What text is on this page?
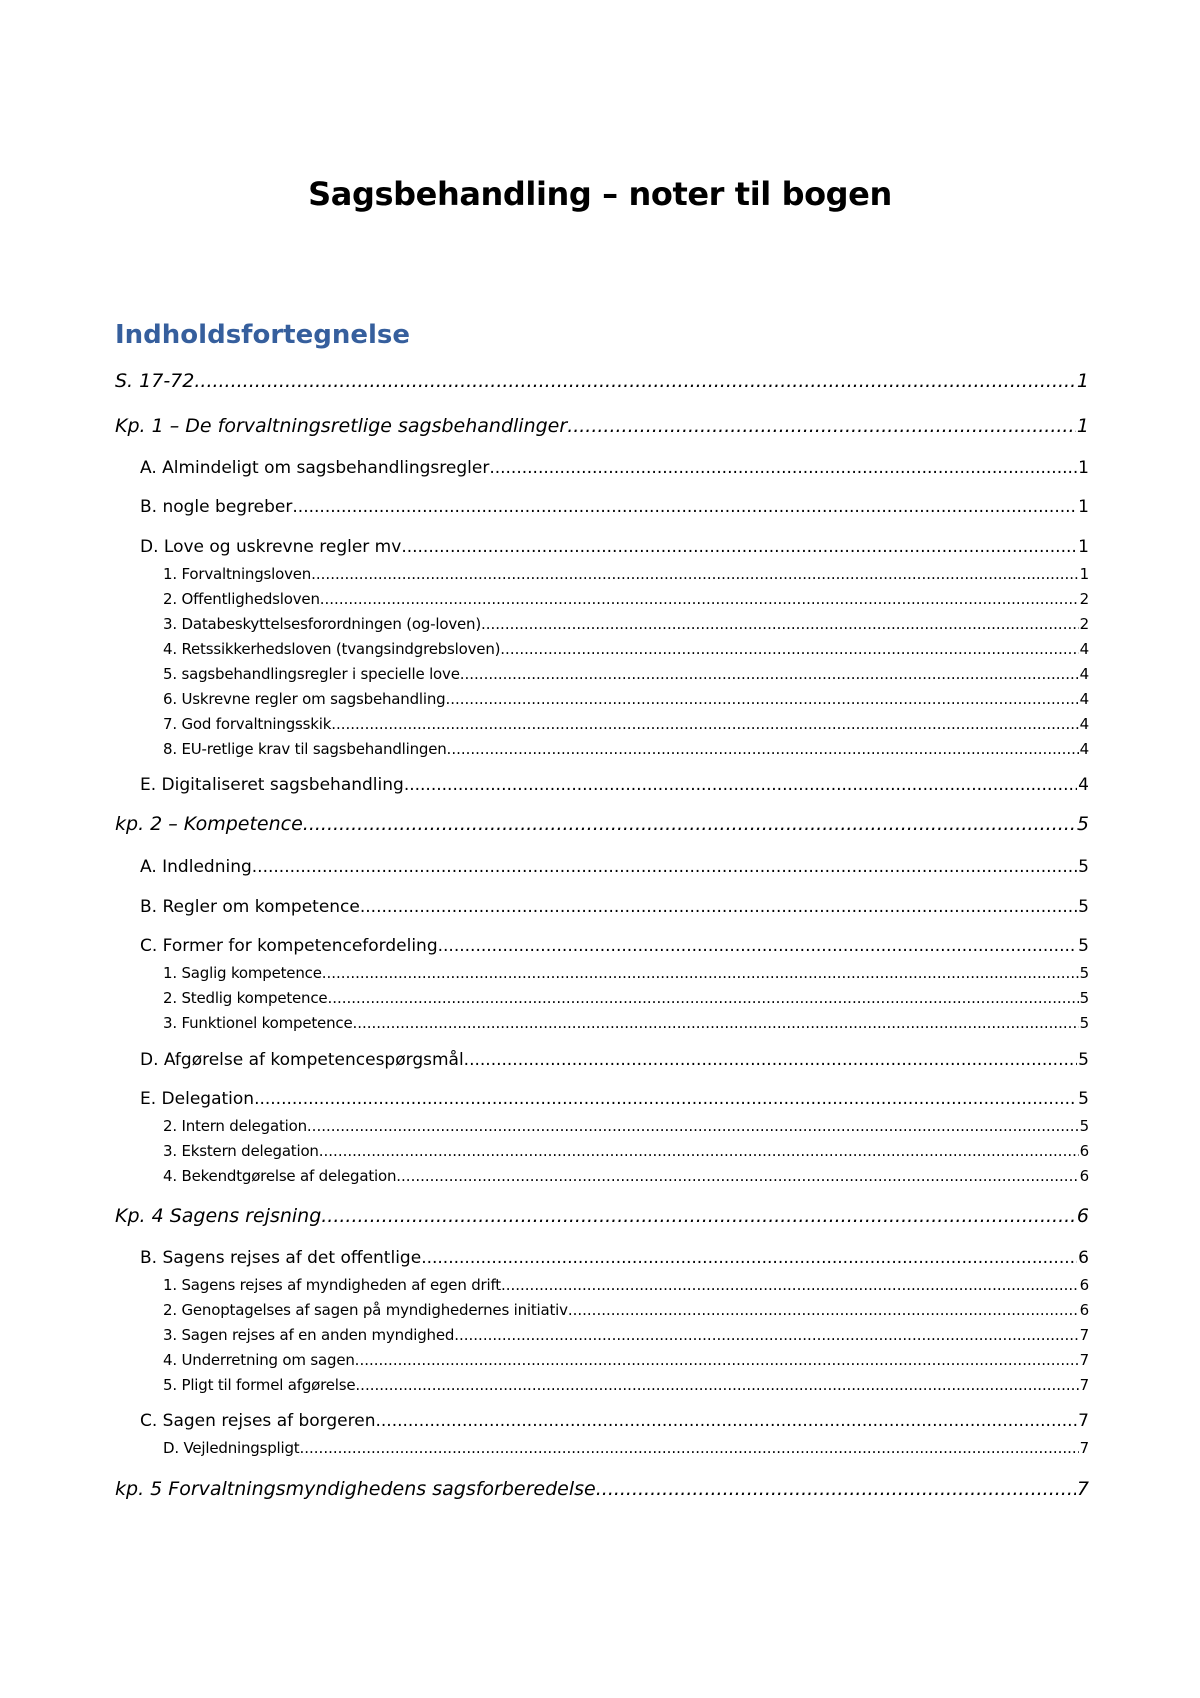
Sagsbehandling – noter til bogen
Indholdsfortegnelse
S. 17-72 .....	1
Kp. 1 – De forvaltningsretlige sagsbehandlinger .....	1
A. Almindeligt om sagsbehandlingsregler .....	1
B. nogle begreber .....	1
D. Love og uskrevne regler mv .....	1
1. Forvaltningsloven .....	1
2. Offentlighedsloven .....	2
3. Databeskyttelsesforordningen (og-loven) .....	2
4. Retssikkerhedsloven (tvangsindgrebsloven) .....	4
5. sagsbehandlingsregler i specielle love .....	4
6. Uskrevne regler om sagsbehandling .....	4
7. God forvaltningsskik .....	4
8. EU-retlige krav til sagsbehandlingen .....	4
E. Digitaliseret sagsbehandling .....	4
kp. 2 – Kompetence .....	5
A. Indledning .....	5
B. Regler om kompetence .....	5
C. Former for kompetencefordeling .....	5
1. Saglig kompetence .....	5
2. Stedlig kompetence .....	5
3. Funktionel kompetence .....	5
D. Afgørelse af kompetencespørgsmål .....	5
E. Delegation .....	5
2. Intern delegation .....	5
3. Ekstern delegation .....	6
4. Bekendtgørelse af delegation .....	6
Kp. 4 Sagens rejsning .....	6
B. Sagens rejses af det offentlige .....	6
1. Sagens rejses af myndigheden af egen drift .....	6
2. Genoptagelses af sagen på myndighedernes initiativ .....	6
3. Sagen rejses af en anden myndighed .....	7
4. Underretning om sagen .....	7
5. Pligt til formel afgørelse .....	7
C. Sagen rejses af borgeren .....	7
D. Vejledningspligt .....	7
kp. 5 Forvaltningsmyndighedens sagsforberedelse .....	7
